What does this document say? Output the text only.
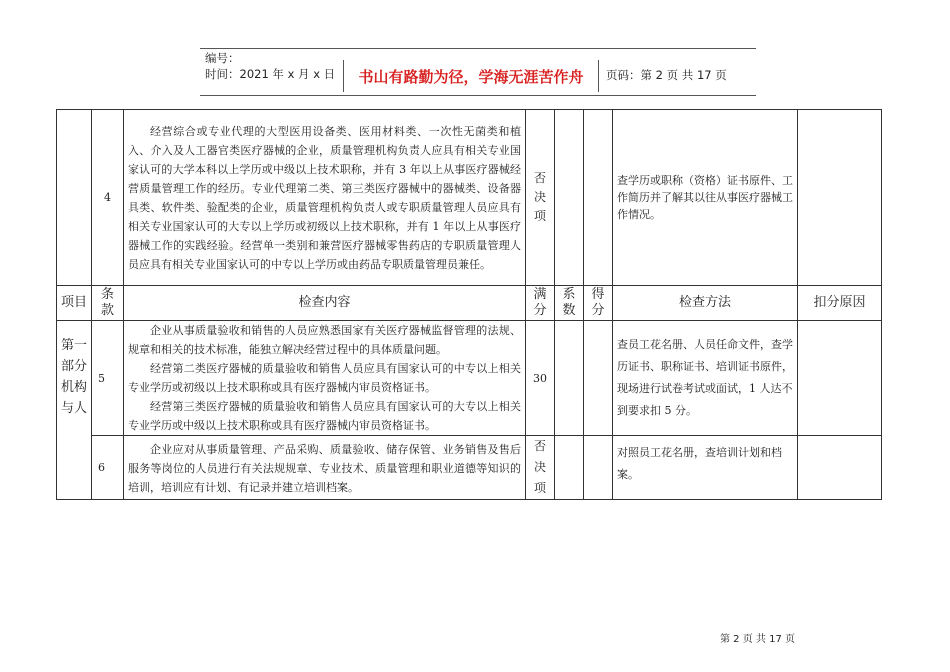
编号：
时间：2021 年 x 月 x 日	书山有路勤为径，学海无涯苦作舟	页码：第 2 页 共 17 页
	4	经营综合或专业代理的大型医用设备类、医用材料类、一次性无菌类和植入、介入及人工器官类医疗器械的企业，质量管理机构负责人应具有相关专业国家认可的大学本科以上学历或中级以上技术职称，并有 3 年以上从事医疗器械经营质量管理工作的经历。专业代理第二类、第三类医疗器械中的器械类、设备器具类、软件类、验配类的企业，质量管理机构负责人或专职质量管理人员应具有相关专业国家认可的大专以上学历或初级以上技术职称，并有 1 年以上从事医疗器械工作的实践经验。经营单一类别和兼营医疗器械零售药店的专职质量管理人员应具有相关专业国家认可的中专以上学历或由药品专职质量管理员兼任。	否决项			查学历或职称（资格）证书原件、工作简历并了解其以往从事医疗器械工作情况。	
项目	条款	检查内容	满分	系数	得分	检查方法	扣分原因
第一部分 机构与人	5	企业从事质量验收和销售的人员应熟悉国家有关医疗器械监督管理的法规、规章和相关的技术标准，能独立解决经营过程中的具体质量问题。

经营第二类医疗器械的质量验收和销售人员应具有国家认可的中专以上相关专业学历或初级以上技术职称或具有医疗器械内审员资格证书。

经营第三类医疗器械的质量验收和销售人员应具有国家认可的大专以上相关专业学历或中级以上技术职称或具有医疗器械内审员资格证书。	30			查员工花名册、人员任命文件，查学历证书、职称证书、培训证书原件，现场进行试卷考试或面试，1 人达不到要求扣 5 分。	
	6	企业应对从事质量管理、产品采购、质量验收、储存保管、业务销售及售后服务等岗位的人员进行有关法规规章、专业技术、质量管理和职业道德等知识的培训，培训应有计划、有记录并建立培训档案。	否决项			对照员工花名册，查培训计划和档案。	
第 2 页 共 17 页
